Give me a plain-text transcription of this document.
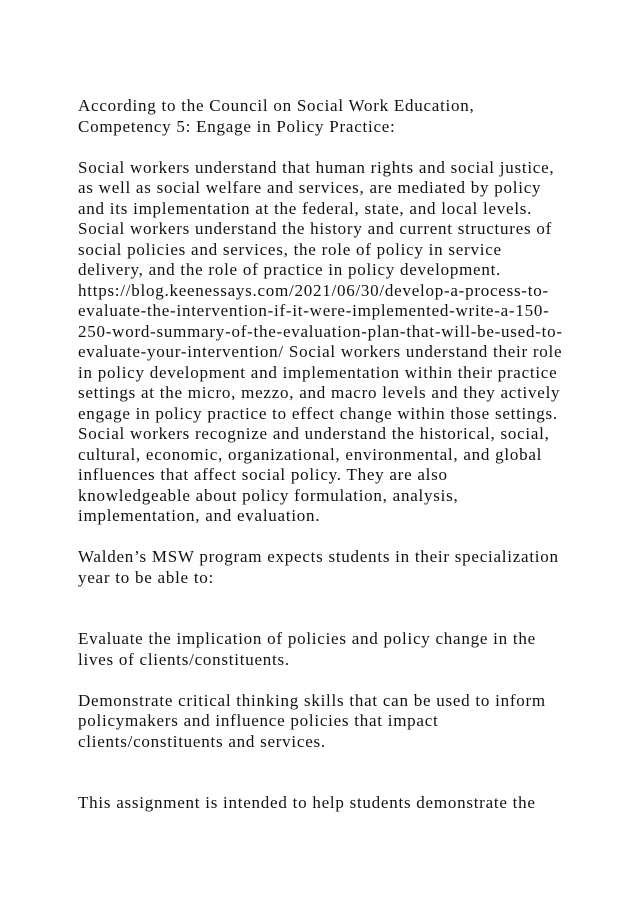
According to the Council on Social Work Education,
Competency 5: Engage in Policy Practice:

Social workers understand that human rights and social justice,
as well as social welfare and services, are mediated by policy
and its implementation at the federal, state, and local levels.
Social workers understand the history and current structures of
social policies and services, the role of policy in service
delivery, and the role of practice in policy development.
https://blog.keenessays.com/2021/06/30/develop-a-process-to-
evaluate-the-intervention-if-it-were-implemented-write-a-150-
250-word-summary-of-the-evaluation-plan-that-will-be-used-to-
evaluate-your-intervention/ Social workers understand their role
in policy development and implementation within their practice
settings at the micro, mezzo, and macro levels and they actively
engage in policy practice to effect change within those settings.
Social workers recognize and understand the historical, social,
cultural, economic, organizational, environmental, and global
influences that affect social policy. They are also
knowledgeable about policy formulation, analysis,
implementation, and evaluation.

Walden’s MSW program expects students in their specialization
year to be able to:

Evaluate the implication of policies and policy change in the
lives of clients/constituents.

Demonstrate critical thinking skills that can be used to inform
policymakers and influence policies that impact
clients/constituents and services.

This assignment is intended to help students demonstrate the
